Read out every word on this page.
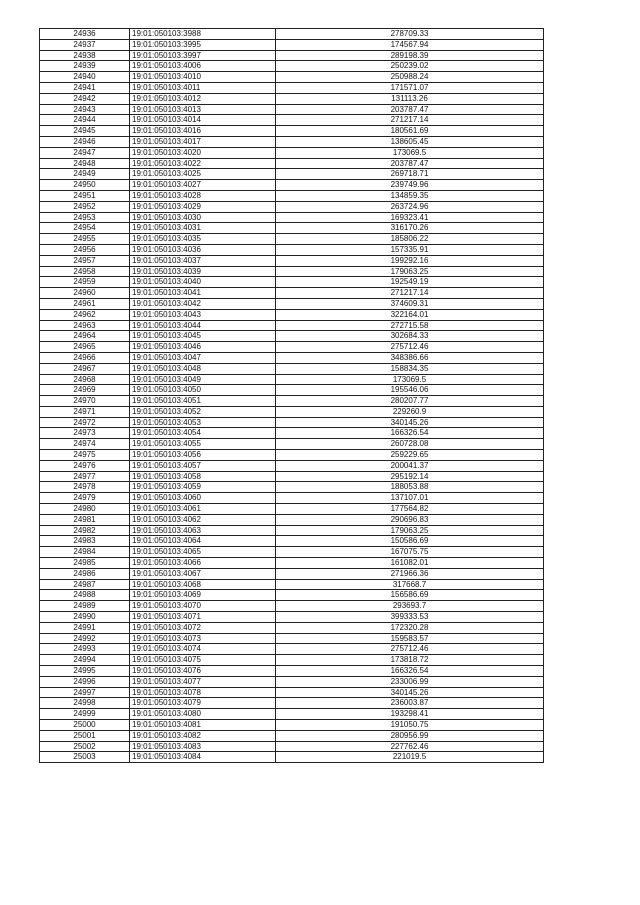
24936	19:01:050103:3988	278709.33
24937	19:01:050103:3995	174567.94
24938	19:01:050103:3997	289198.39
24939	19:01:050103:4006	250239.02
24940	19:01:050103:4010	250988.24
24941	19:01:050103:4011	171571.07
24942	19:01:050103:4012	131113.26
24943	19:01:050103:4013	203787.47
24944	19:01:050103:4014	271217.14
24945	19:01:050103:4016	180561.69
24946	19:01:050103:4017	138605.45
24947	19:01:050103:4020	173069.5
24948	19:01:050103:4022	203787.47
24949	19:01:050103:4025	269718.71
24950	19:01:050103:4027	239749.96
24951	19:01:050103:4028	134859.35
24952	19:01:050103:4029	263724.96
24953	19:01:050103:4030	169323.41
24954	19:01:050103:4031	316170.26
24955	19:01:050103:4035	185806.22
24956	19:01:050103:4036	157335.91
24957	19:01:050103:4037	199292.16
24958	19:01:050103:4039	179063.25
24959	19:01:050103:4040	192549.19
24960	19:01:050103:4041	271217.14
24961	19:01:050103:4042	374609.31
24962	19:01:050103:4043	322164.01
24963	19:01:050103:4044	272715.58
24964	19:01:050103:4045	302684.33
24965	19:01:050103:4046	275712.46
24966	19:01:050103:4047	348386.66
24967	19:01:050103:4048	158834.35
24968	19:01:050103:4049	173069.5
24969	19:01:050103:4050	195546.06
24970	19:01:050103:4051	280207.77
24971	19:01:050103:4052	229260.9
24972	19:01:050103:4053	340145.26
24973	19:01:050103:4054	166326.54
24974	19:01:050103:4055	260728.08
24975	19:01:050103:4056	259229.65
24976	19:01:050103:4057	200041.37
24977	19:01:050103:4058	295192.14
24978	19:01:050103:4059	188053.88
24979	19:01:050103:4060	137107.01
24980	19:01:050103:4061	177564.82
24981	19:01:050103:4062	290696.83
24982	19:01:050103:4063	179063.25
24983	19:01:050103:4064	150586.69
24984	19:01:050103:4065	167075.75
24985	19:01:050103:4066	161082.01
24986	19:01:050103:4067	271966.36
24987	19:01:050103:4068	317668.7
24988	19:01:050103:4069	156586.69
24989	19:01:050103:4070	293693.7
24990	19:01:050103:4071	399333.53
24991	19:01:050103:4072	172320.28
24992	19:01:050103:4073	159583.57
24993	19:01:050103:4074	275712.46
24994	19:01:050103:4075	173818.72
24995	19:01:050103:4076	166326.54
24996	19:01:050103:4077	233006.99
24997	19:01:050103:4078	340145.26
24998	19:01:050103:4079	236003.87
24999	19:01:050103:4080	193298.41
25000	19:01:050103:4081	191050.75
25001	19:01:050103:4082	280956.99
25002	19:01:050103:4083	227762.46
25003	19:01:050103:4084	221019.5
